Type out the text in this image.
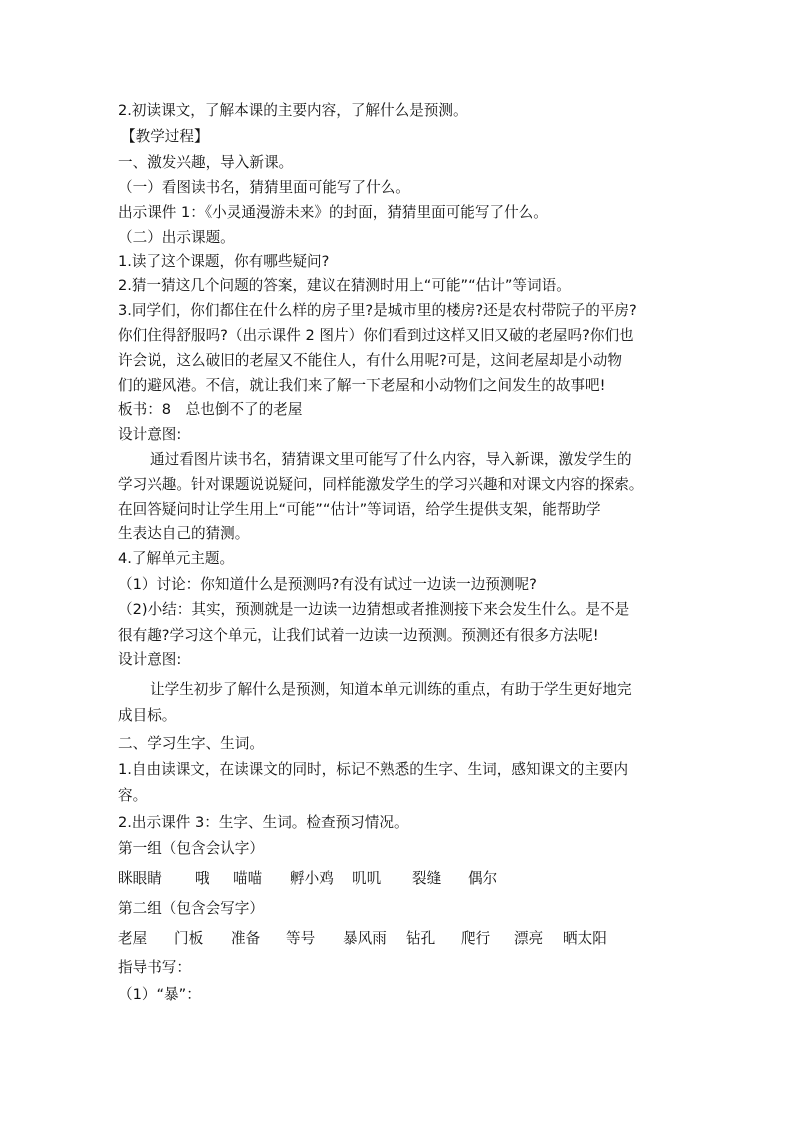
2.初读课文，了解本课的主要内容，了解什么是预测。
【教学过程】
一、激发兴趣，导入新课。
（一）看图读书名，猜猜里面可能写了什么。
出示课件 1：《小灵通漫游未来》的封面，猜猜里面可能写了什么。
（二）出示课题。
1.读了这个课题，你有哪些疑问?
2.猜一猜这几个问题的答案，建议在猜测时用上“可能”“估计”等词语。
3.同学们，你们都住在什么样的房子里?是城市里的楼房?还是农村带院子的平房?
你们住得舒服吗?（出示课件 2 图片）你们看到过这样又旧又破的老屋吗?你们也
许会说，这么破旧的老屋又不能住人，有什么用呢?可是，这间老屋却是小动物
们的避风港。不信，就让我们来了解一下老屋和小动物们之间发生的故事吧!
板书：8　总也倒不了的老屋
设计意图:
通过看图片读书名，猜猜课文里可能写了什么内容，导入新课，激发学生的
学习兴趣。针对课题说说疑问，同样能激发学生的学习兴趣和对课文内容的探索。
在回答疑问时让学生用上“可能”“估计”等词语，给学生提供支架，能帮助学
生表达自己的猜测。
4.了解单元主题。
（1）讨论：你知道什么是预测吗?有没有试过一边读一边预测呢?
（2)小结：其实，预测就是一边读一边猜想或者推测接下来会发生什么。是不是
很有趣?学习这个单元，让我们试着一边读一边预测。预测还有很多方法呢!
设计意图:
让学生初步了解什么是预测，知道本单元训练的重点，有助于学生更好地完
成目标。
二、学习生字、生词。
1.自由读课文，在读课文的同时，标记不熟悉的生字、生词，感知课文的主要内
容。
2.出示课件 3：生字、生词。检查预习情况。
第一组（包含会认字）
眯眼睛 哦 喵喵 孵小鸡 叽叽 裂缝 偶尔
第二组（包含会写字）
老屋 门板 准备 等号 暴风雨 钻孔 爬行 漂亮 晒太阳
指导书写：
（1）“暴”：
